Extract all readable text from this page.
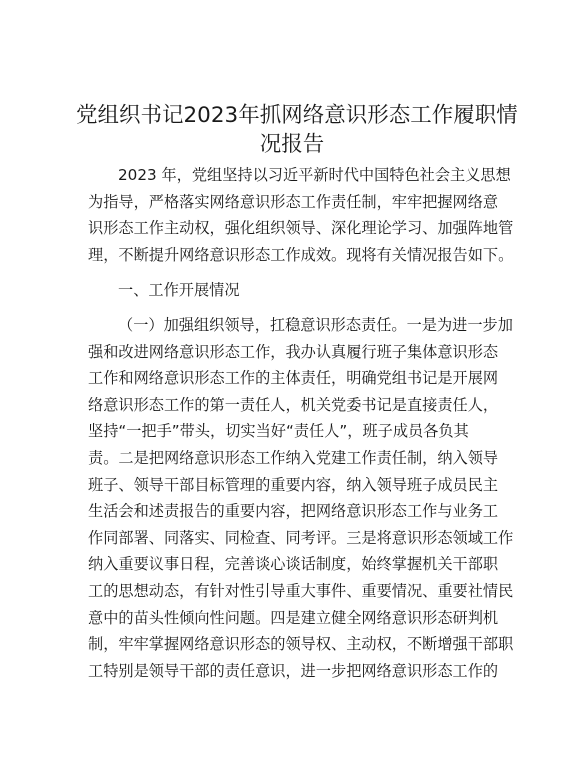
党组织书记2023年抓网络意识形态工作履职情
况报告
2023 年，党组坚持以习近平新时代中国特色社会主义思想
为指导，严格落实网络意识形态工作责任制，牢牢把握网络意
识形态工作主动权，强化组织领导、深化理论学习、加强阵地管
理，不断提升网络意识形态工作成效。现将有关情况报告如下。
一、工作开展情况
（一）加强组织领导，扛稳意识形态责任。一是为进一步加
强和改进网络意识形态工作，我办认真履行班子集体意识形态
工作和网络意识形态工作的主体责任，明确党组书记是开展网
络意识形态工作的第一责任人，机关党委书记是直接责任人，
坚持“一把手”带头，切实当好“责任人”，班子成员各负其
责。二是把网络意识形态工作纳入党建工作责任制，纳入领导
班子、领导干部目标管理的重要内容，纳入领导班子成员民主
生活会和述责报告的重要内容，把网络意识形态工作与业务工
作同部署、同落实、同检查、同考评。三是将意识形态领域工作
纳入重要议事日程，完善谈心谈话制度，始终掌握机关干部职
工的思想动态，有针对性引导重大事件、重要情况、重要社情民
意中的苗头性倾向性问题。四是建立健全网络意识形态研判机
制，牢牢掌握网络意识形态的领导权、主动权，不断增强干部职
工特别是领导干部的责任意识，进一步把网络意识形态工作的
